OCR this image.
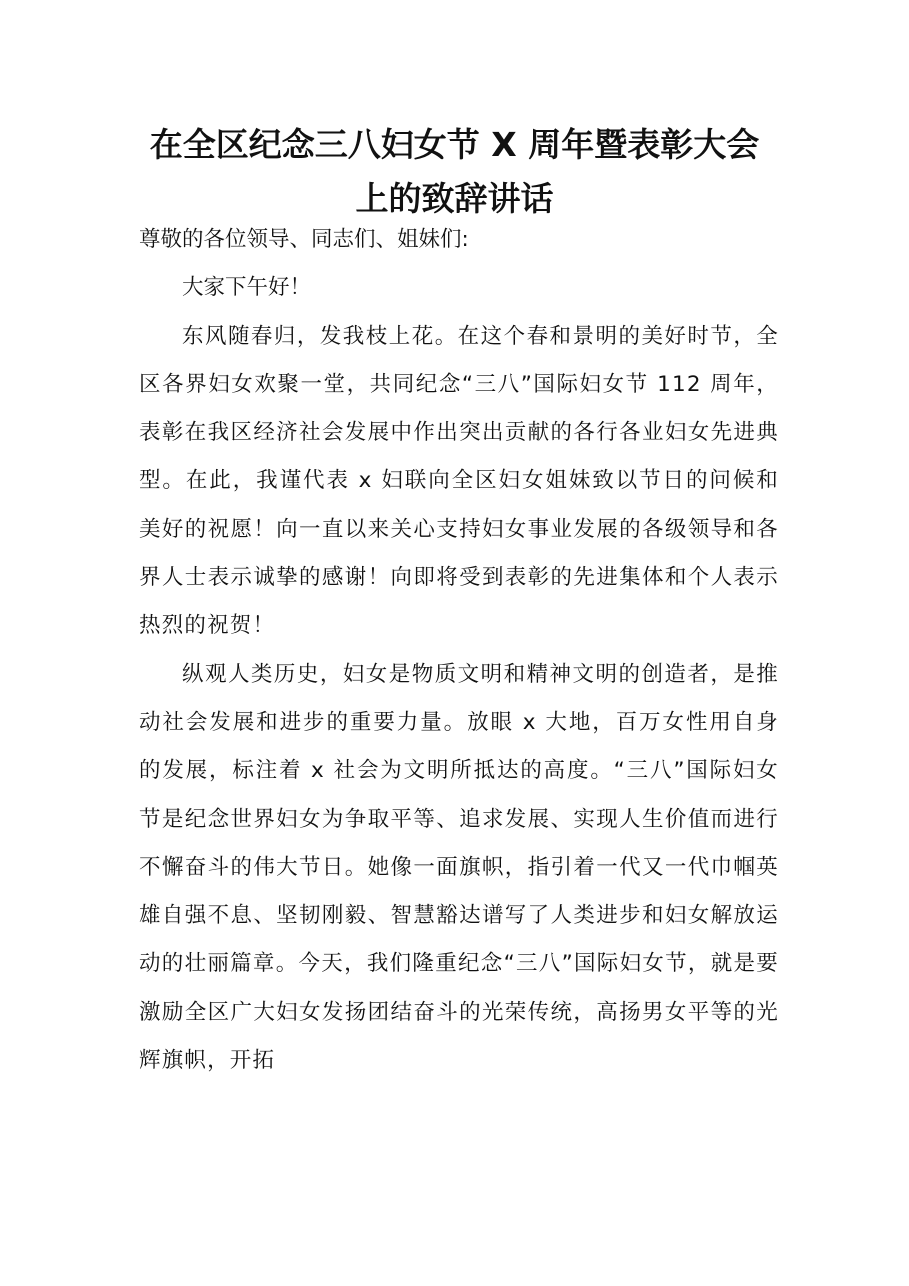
在全区纪念三八妇女节 X 周年暨表彰大会
上的致辞讲话

尊敬的各位领导、同志们、姐妹们:

大家下午好！

东风随春归，发我枝上花。在这个春和景明的美好时节，全区各界妇女欢聚一堂，共同纪念“三八”国际妇女节 112 周年，表彰在我区经济社会发展中作出突出贡献的各行各业妇女先进典型。在此，我谨代表 x 妇联向全区妇女姐妹致以节日的问候和美好的祝愿！向一直以来关心支持妇女事业发展的各级领导和各界人士表示诚挚的感谢！向即将受到表彰的先进集体和个人表示热烈的祝贺！

纵观人类历史，妇女是物质文明和精神文明的创造者，是推动社会发展和进步的重要力量。放眼 x 大地，百万女性用自身的发展，标注着 x 社会为文明所抵达的高度。“三八”国际妇女节是纪念世界妇女为争取平等、追求发展、实现人生价值而进行不懈奋斗的伟大节日。她像一面旗帜，指引着一代又一代巾帼英雄自强不息、坚韧刚毅、智慧豁达谱写了人类进步和妇女解放运动的壮丽篇章。今天，我们隆重纪念“三八”国际妇女节，就是要激励全区广大妇女发扬团结奋斗的光荣传统，高扬男女平等的光辉旗帜，开拓
